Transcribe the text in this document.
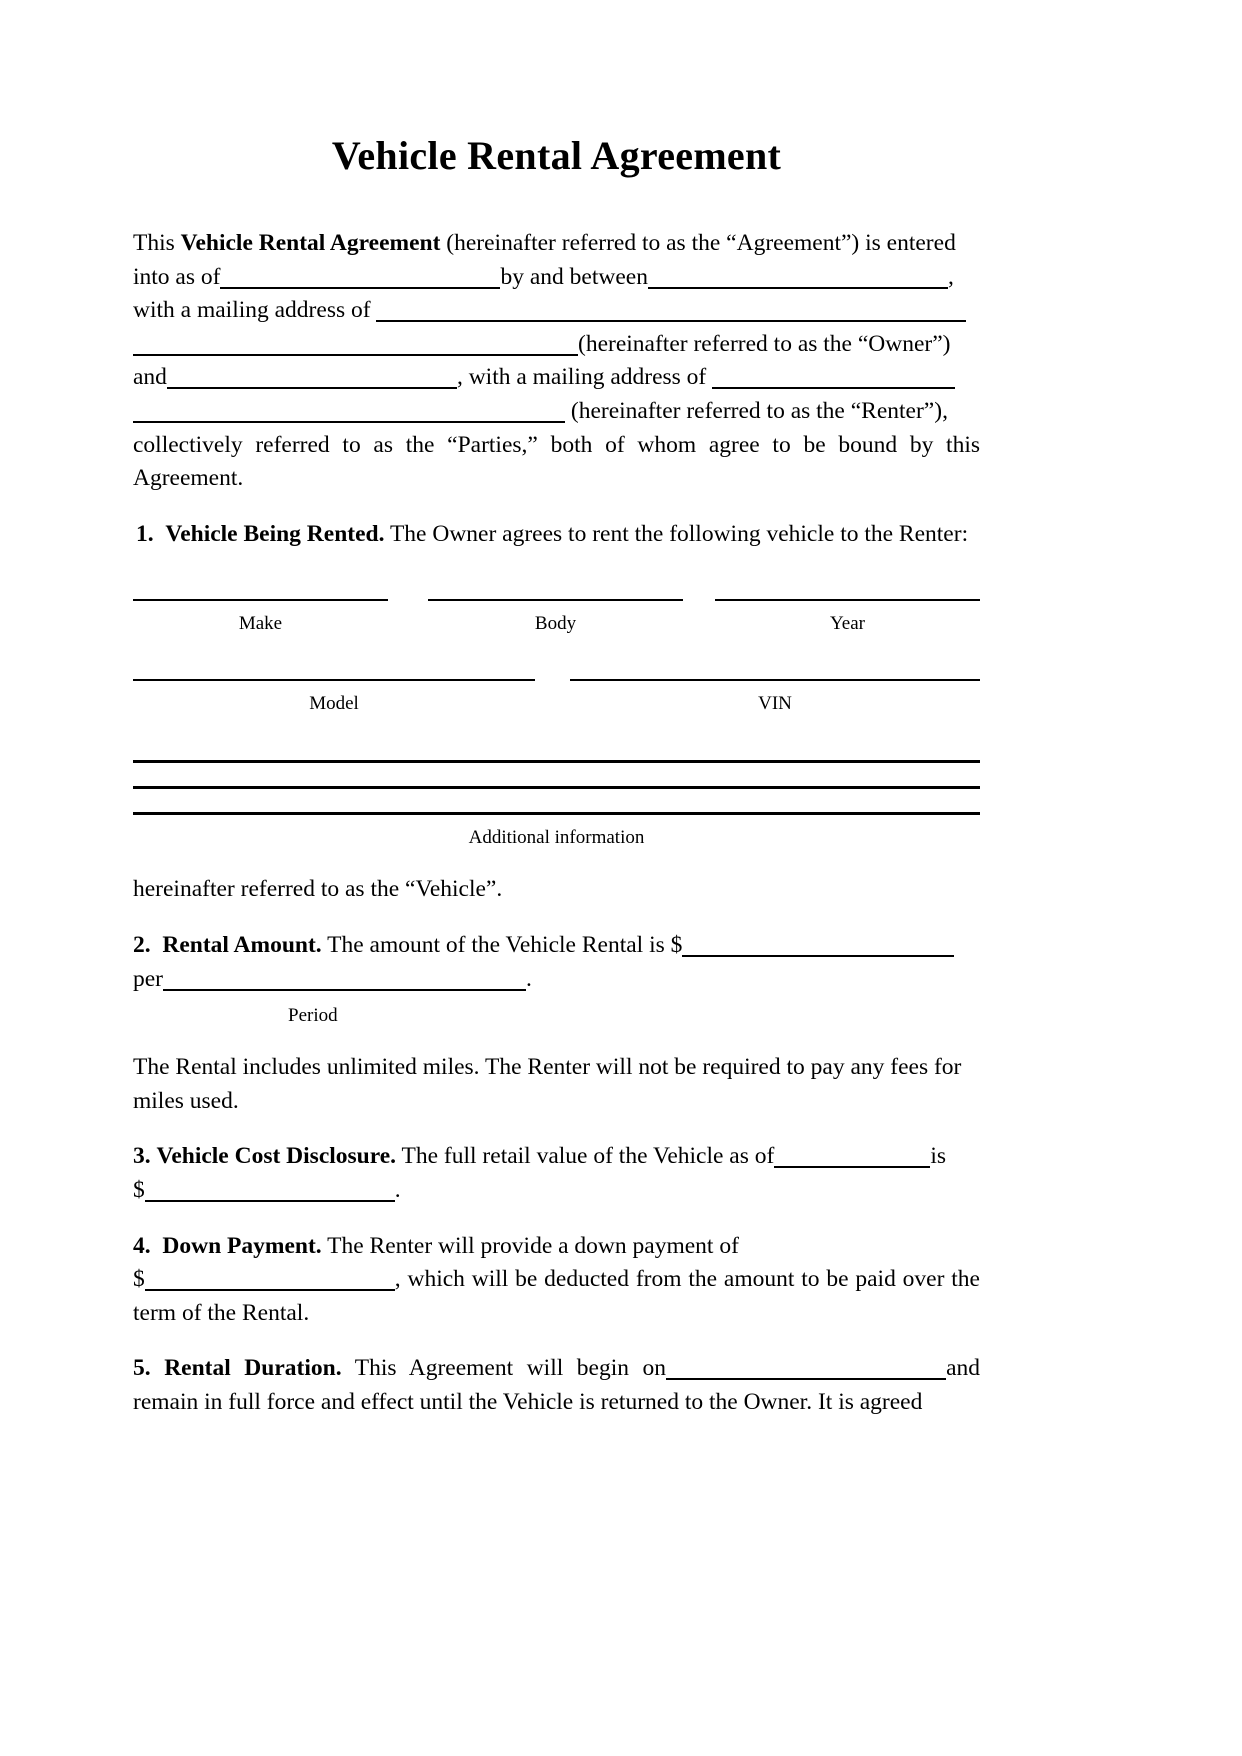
Vehicle Rental Agreement

This Vehicle Rental Agreement (hereinafter referred to as the “Agreement”) is entered into as of	by and between	,

with a mailing address of

(hereinafter referred to as the “Owner”)

and	, with a mailing address of

(hereinafter referred to as the “Renter”),

collectively referred to as the “Parties,” both of whom agree to be bound by this Agreement.

1. Vehicle Being Rented. The Owner agrees to rent the following vehicle to the Renter:

Make	Body	Year
Model	VIN
Additional information

hereinafter referred to as the “Vehicle”.

2. Rental Amount. The amount of the Vehicle Rental is $

per	.

Period

The Rental includes unlimited miles. The Renter will not be required to pay any fees for miles used.

3. Vehicle Cost Disclosure. The full retail value of the Vehicle as of	is

$	.

4. Down Payment. The Renter will provide a down payment of

$	, which will be deducted from the amount to be paid over the term of the Rental.

5. Rental Duration. This Agreement will begin on	and remain in full force and effect until the Vehicle is returned to the Owner. It is agreed
